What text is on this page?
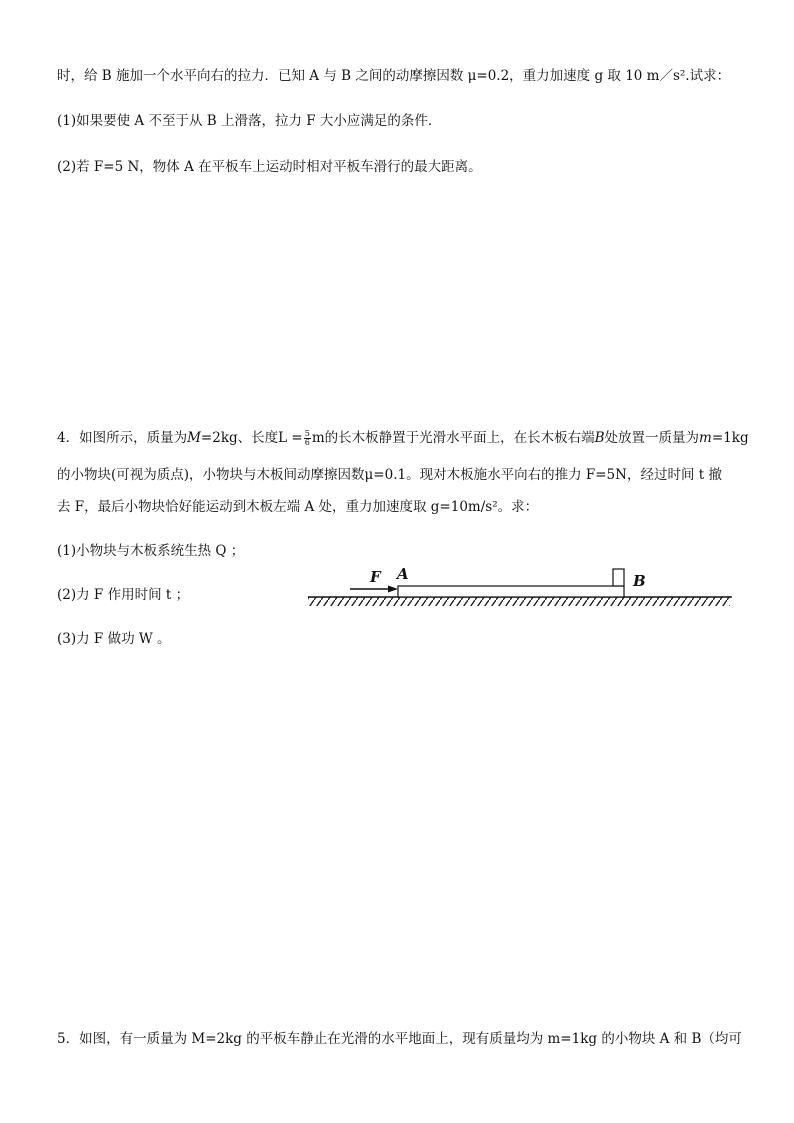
时，给 B 施加一个水平向右的拉力．已知 A 与 B 之间的动摩擦因数 μ=0.2，重力加速度 g 取 10 m／s².试求：
(1)如果要使 A 不至于从 B 上滑落，拉力 F 大小应满足的条件．
(2)若 F=5 N，物体 A 在平板车上运动时相对平板车滑行的最大距离。
4．如图所示，质量为M=2kg、长度$L = \frac{5}{6}$ m的长木板静置于光滑水平面上，在长木板右端B处放置一质量为m=1kg
的小物块(可视为质点)，小物块与木板间动摩擦因数μ=0.1。现对木板施水平向右的推力 F=5N，经过时间 t 撤
去 F，最后小物块恰好能运动到木板左端 A 处，重力加速度取 g=10m/s²。求：
(1)小物块与木板系统生热 Q ；
(2)力 F 作用时间 t ；
(3)力 F 做功 W 。
F A	B
5．如图，有一质量为 M=2kg 的平板车静止在光滑的水平地面上，现有质量均为 m=1kg 的小物块 A 和 B（均可
